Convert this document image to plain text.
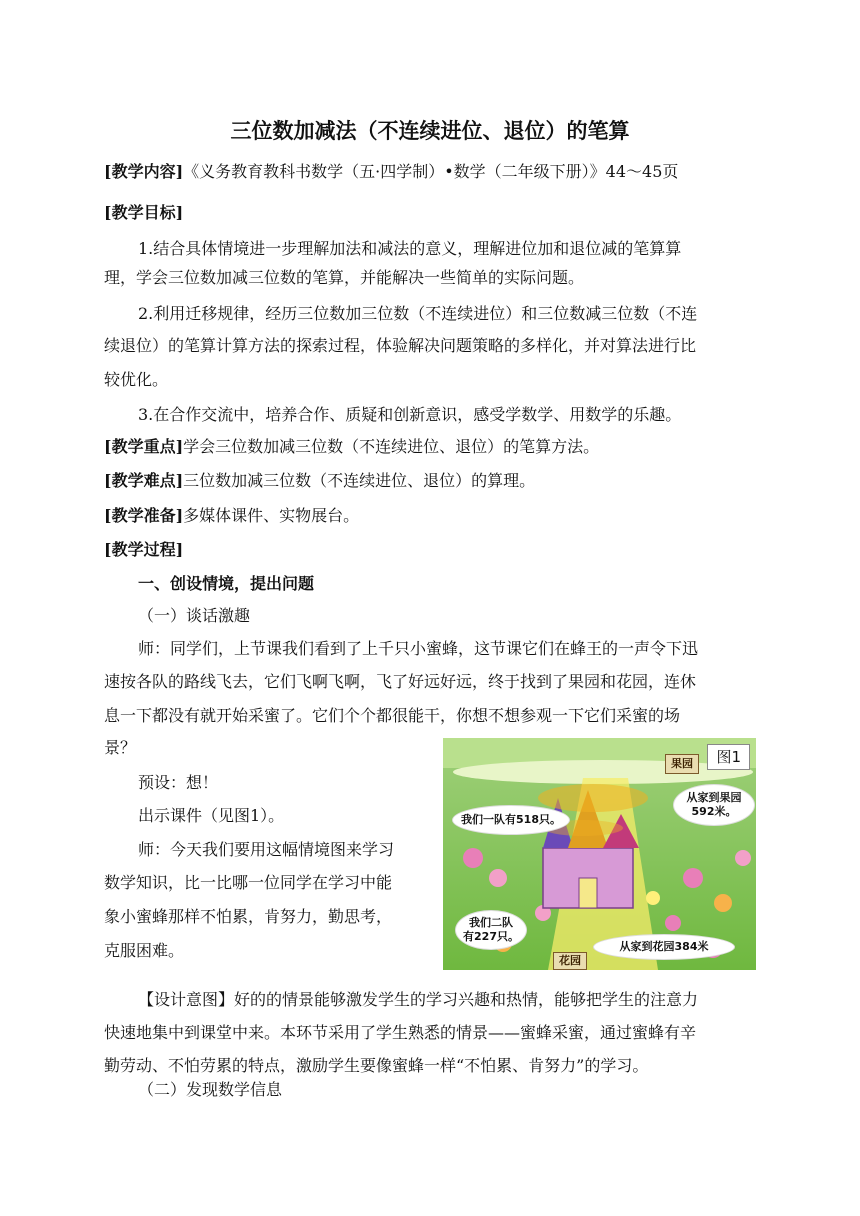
三位数加减法（不连续进位、退位）的笔算
[教学内容]《义务教育教科书数学（五·四学制）•数学（二年级下册）》44～45页
[教学目标]
1.结合具体情境进一步理解加法和减法的意义，理解进位加和退位减的笔算算
理，学会三位数加减三位数的笔算，并能解决一些简单的实际问题。
2.利用迁移规律，经历三位数加三位数（不连续进位）和三位数减三位数（不连
续退位）的笔算计算方法的探索过程，体验解决问题策略的多样化，并对算法进行比
较优化。
3.在合作交流中，培养合作、质疑和创新意识，感受学数学、用数学的乐趣。
[教学重点]学会三位数加减三位数（不连续进位、退位）的笔算方法。
[教学难点]三位数加减三位数（不连续进位、退位）的算理。
[教学准备]多媒体课件、实物展台。
[教学过程]
一、创设情境，提出问题
（一）谈话激趣
师：同学们，上节课我们看到了上千只小蜜蜂，这节课它们在蜂王的一声令下迅
速按各队的路线飞去，它们飞啊飞啊，飞了好远好远，终于找到了果园和花园，连休
息一下都没有就开始采蜜了。它们个个都很能干，你想不想参观一下它们采蜜的场
景？
预设：想！
出示课件（见图1）。
师：今天我们要用这幅情境图来学习
数学知识，比一比哪一位同学在学习中能
象小蜜蜂那样不怕累，肯努力，勤思考，
克服困难。
果园	图1
我们一队有518只。
从家到果园
592米。
我们二队
有227只。
从家到花园384米
花园
【设计意图】好的的情景能够激发学生的学习兴趣和热情，能够把学生的注意力
快速地集中到课堂中来。本环节采用了学生熟悉的情景——蜜蜂采蜜，通过蜜蜂有辛
勤劳动、不怕劳累的特点，激励学生要像蜜蜂一样“不怕累、肯努力”的学习。
（二）发现数学信息
